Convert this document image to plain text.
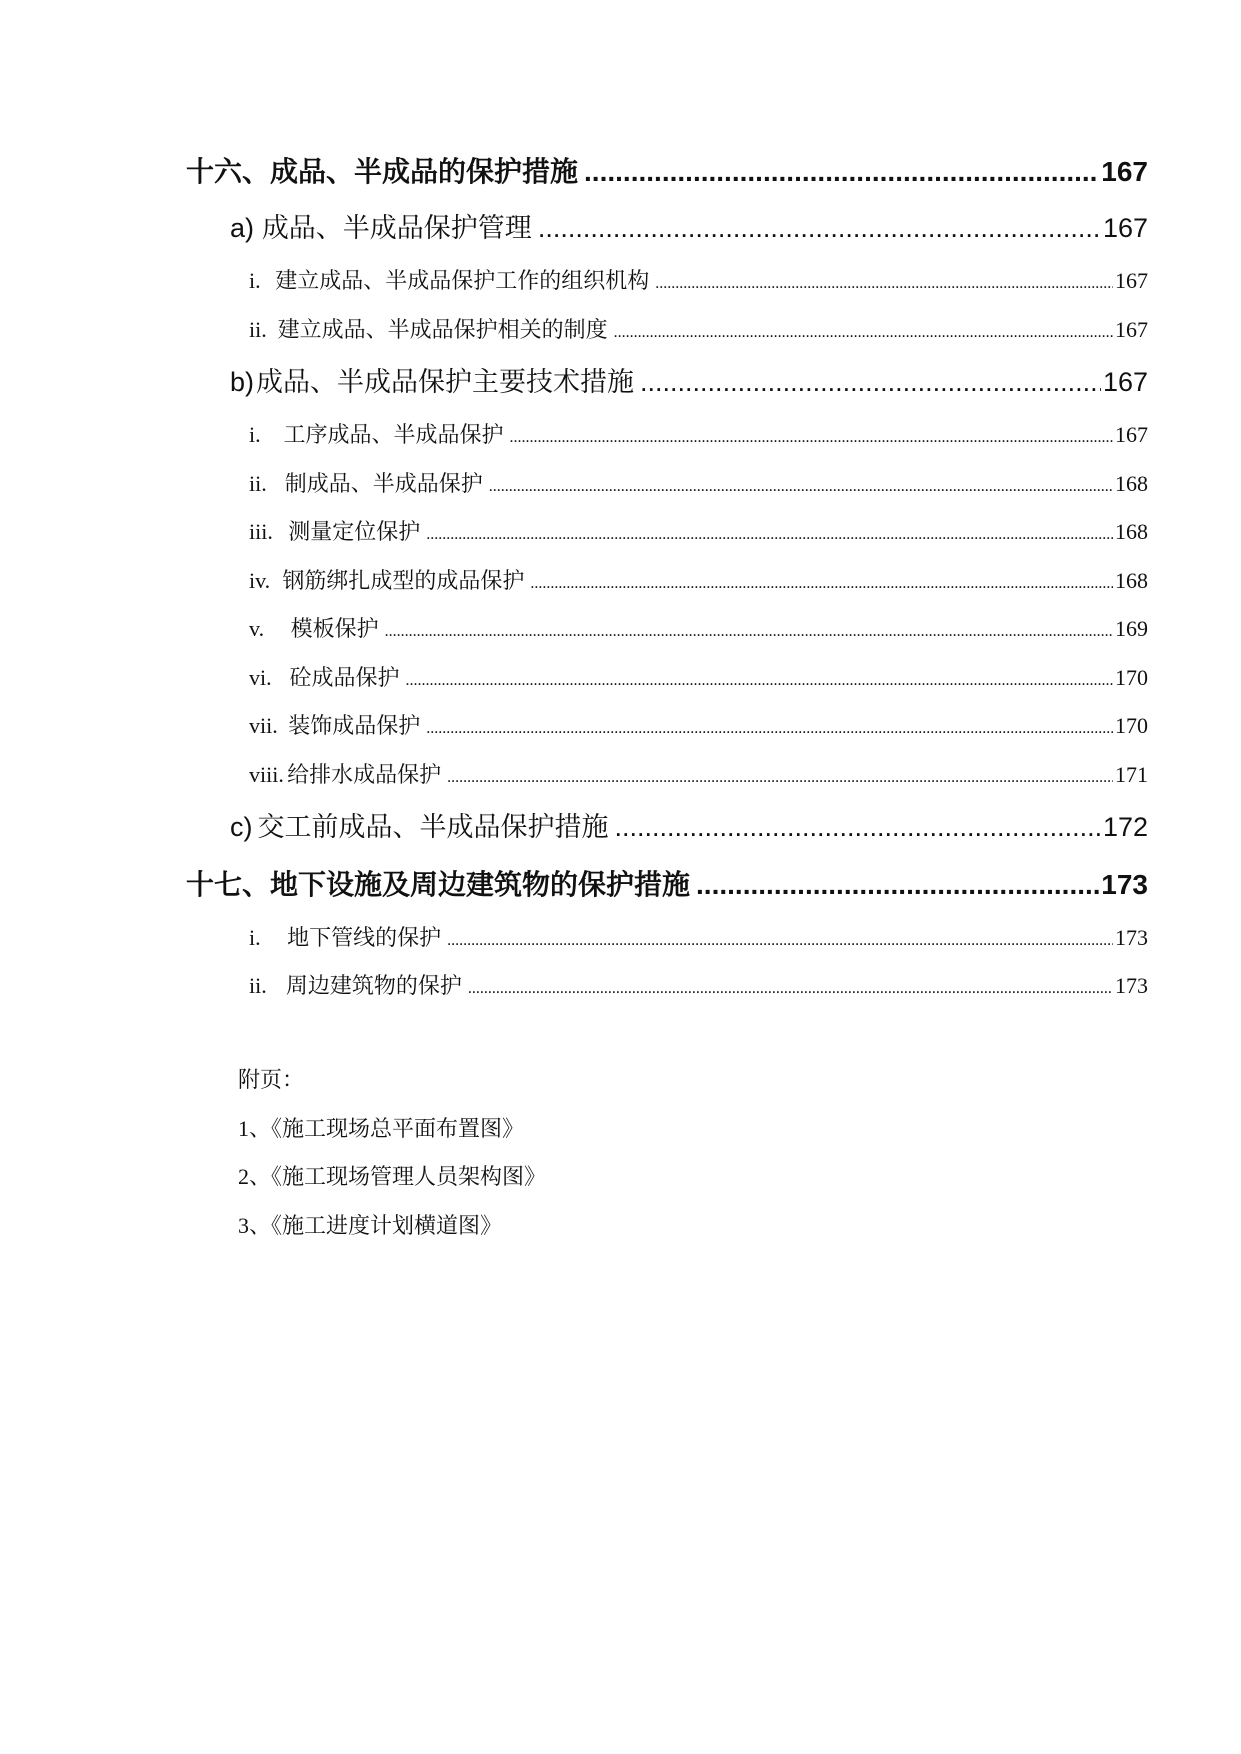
十六、 成品、半成品的保护措施 .....	167
a) 成品、半成品保护管理 .....	167
i. 建立成品、半成品保护工作的组织机构 .....	167
ii. 建立成品、半成品保护相关的制度 .....	167
b) 成品、半成品保护主要技术措施 .....	167
i.	工序成品、半成品保护 .....	167
ii. 制成品、半成品保护 .....	168
iii. 测量定位保护 .....	168
iv. 钢筋绑扎成型的成品保护 .....	168
v.	模板保护 .....	169
vi. 砼成品保护 .....	170
vii. 装饰成品保护 .....	170
viii. 给排水成品保护 .....	171
c) 交工前成品、半成品保护措施 .....	172
十七、 地下设施及周边建筑物的保护措施 .....	173
i.	地下管线的保护 .....	173
ii. 周边建筑物的保护 .....	173
附页：
1、《施工现场总平面布置图》
2、《施工现场管理人员架构图》
3、《施工进度计划横道图》
